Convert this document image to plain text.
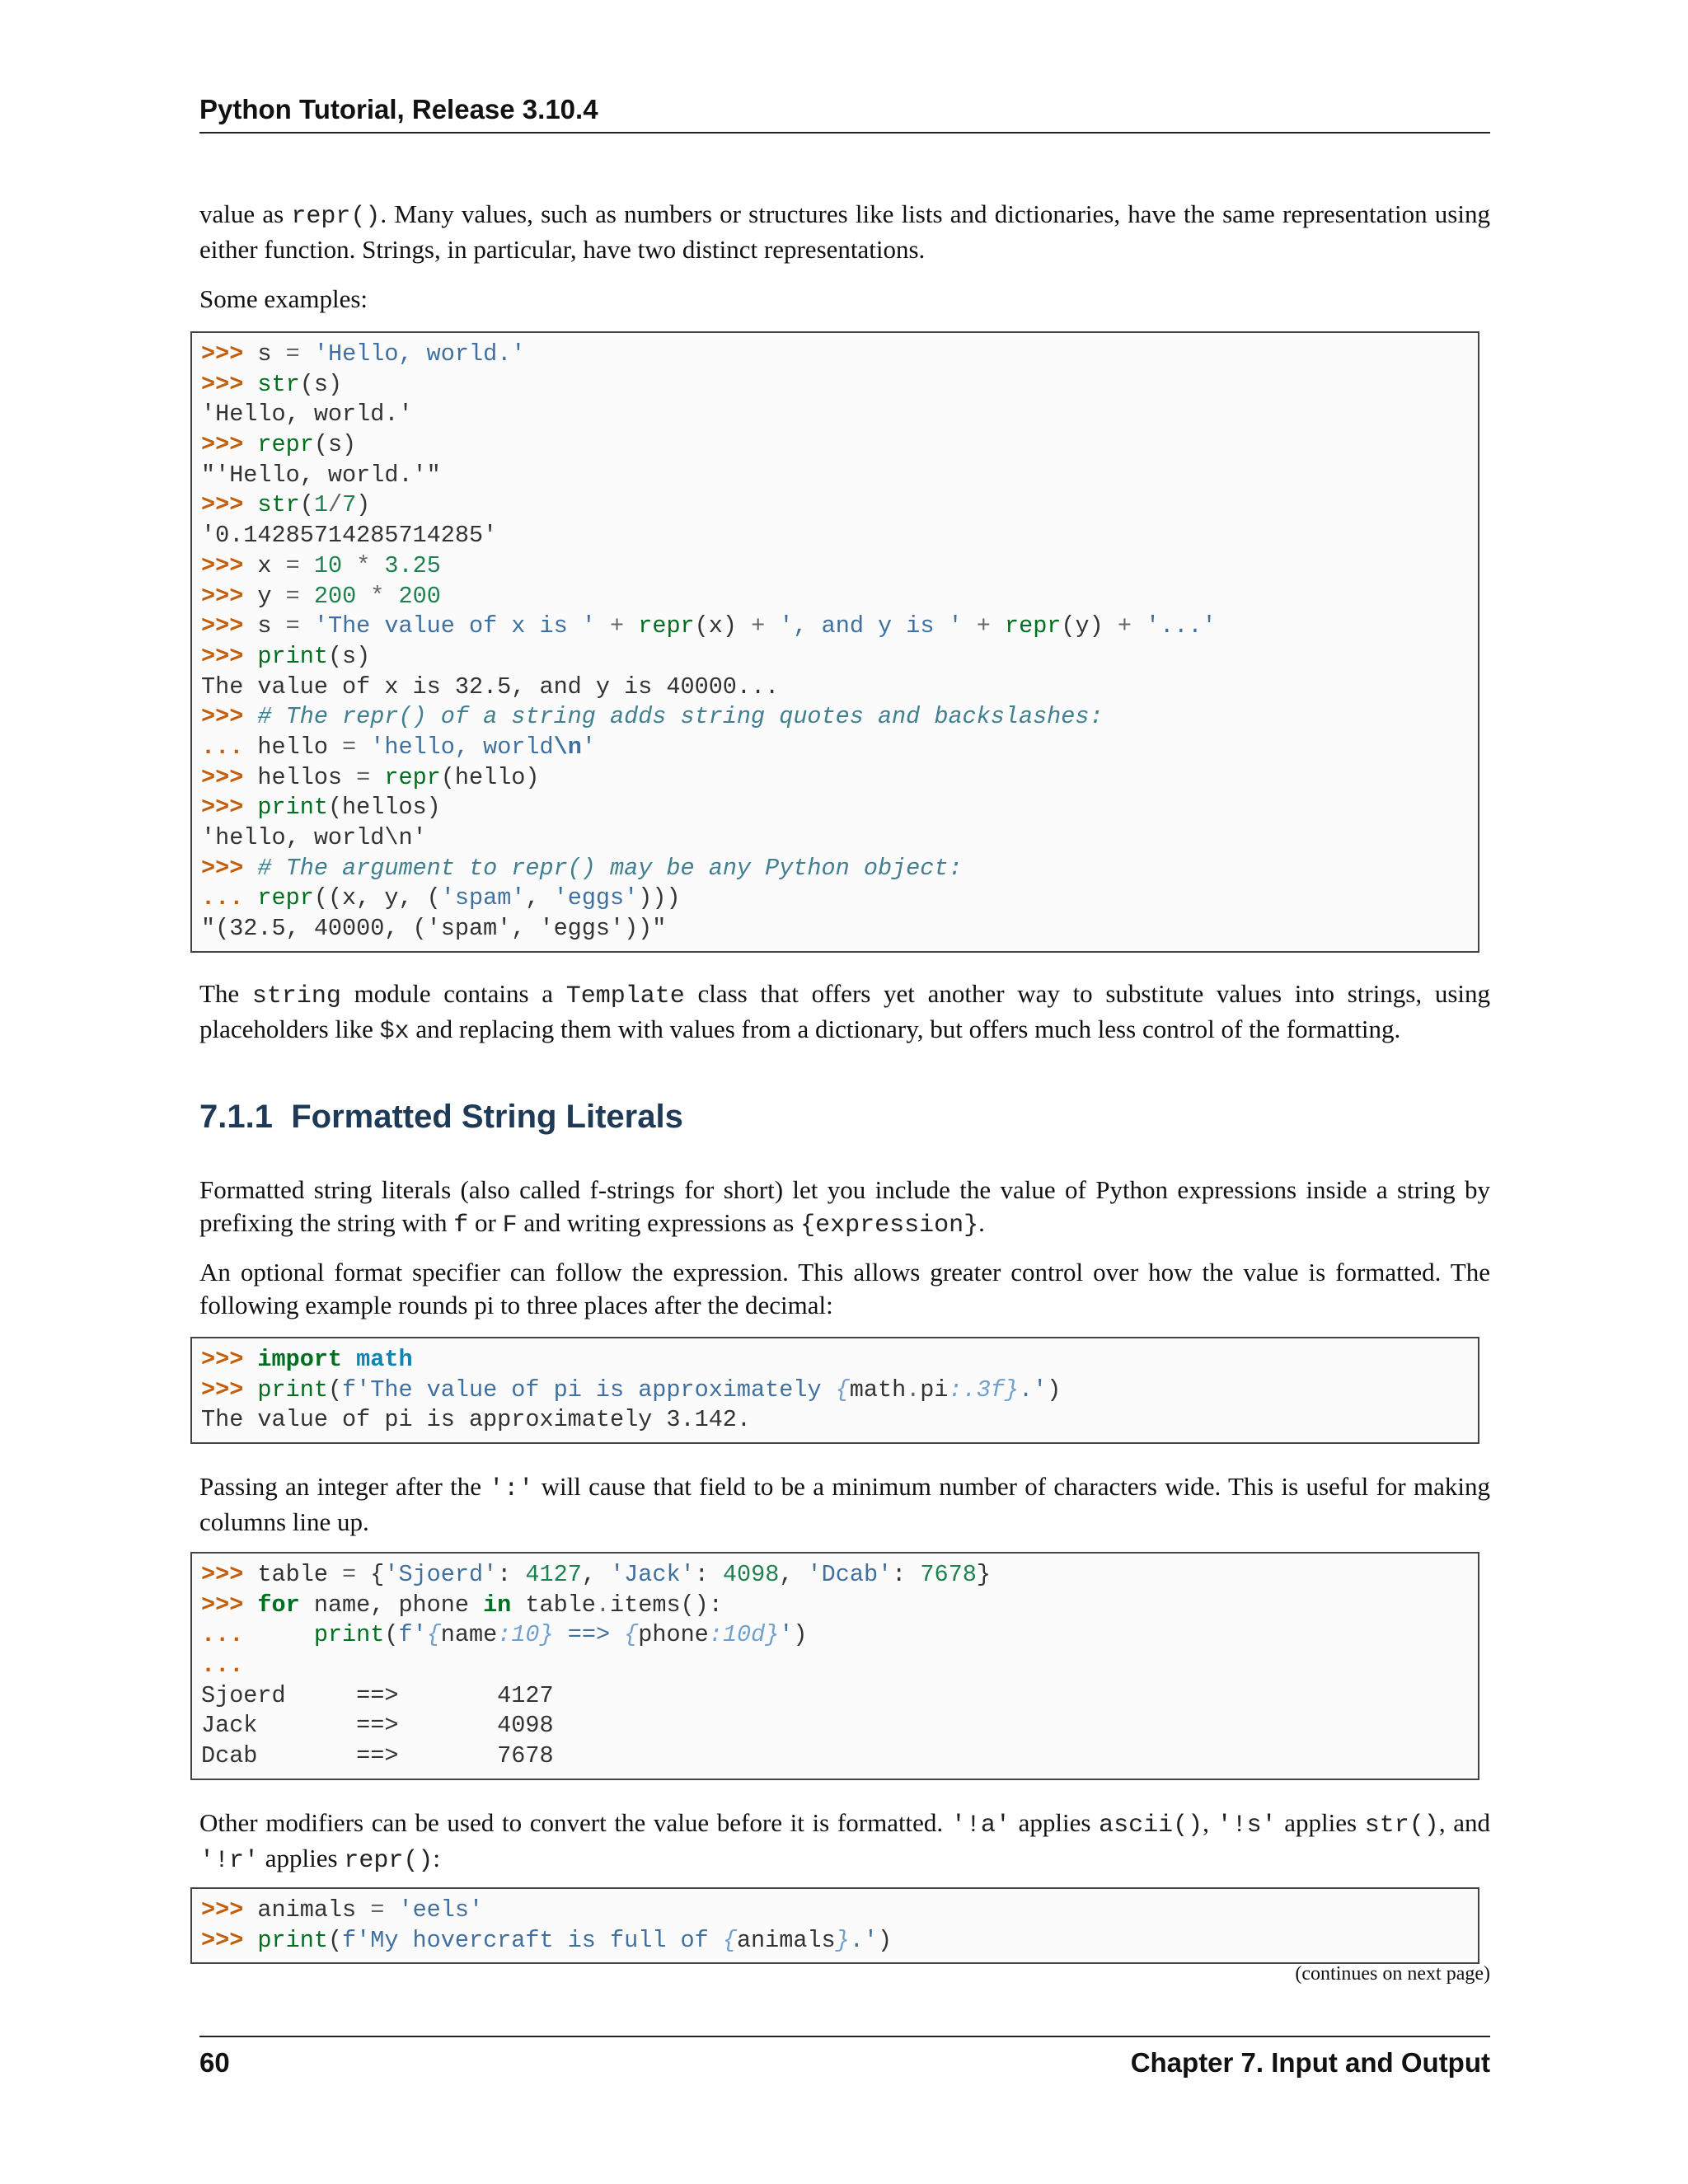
Python Tutorial, Release 3.10.4
value as repr(). Many values, such as numbers or structures like lists and dictionaries, have the same representation using either function. Strings, in particular, have two distinct representations.
Some examples:
>>> s = 'Hello, world.'
>>> str(s)
'Hello, world.'
>>> repr(s)
"'Hello, world.'"
>>> str(1/7)
'0.14285714285714285'
>>> x = 10 * 3.25
>>> y = 200 * 200
>>> s = 'The value of x is ' + repr(x) + ', and y is ' + repr(y) + '...'
>>> print(s)
The value of x is 32.5, and y is 40000...
>>> # The repr() of a string adds string quotes and backslashes:
... hello = 'hello, world\n'
>>> hellos = repr(hello)
>>> print(hellos)
'hello, world\n'
>>> # The argument to repr() may be any Python object:
... repr((x, y, ('spam', 'eggs')))
"(32.5, 40000, ('spam', 'eggs'))"
The string module contains a Template class that offers yet another way to substitute values into strings, using placeholders like $x and replacing them with values from a dictionary, but offers much less control of the formatting.
7.1.1 Formatted String Literals
Formatted string literals (also called f-strings for short) let you include the value of Python expressions inside a string by prefixing the string with f or F and writing expressions as {expression}.
An optional format specifier can follow the expression. This allows greater control over how the value is formatted. The following example rounds pi to three places after the decimal:
>>> import math
>>> print(f'The value of pi is approximately {math.pi:.3f}.')
The value of pi is approximately 3.142.
Passing an integer after the ':' will cause that field to be a minimum number of characters wide. This is useful for making columns line up.
>>> table = {'Sjoerd': 4127, 'Jack': 4098, 'Dcab': 7678}
>>> for name, phone in table.items():
...     print(f'{name:10} ==> {phone:10d}')
...
Sjoerd     ==>       4127
Jack       ==>       4098
Dcab       ==>       7678
Other modifiers can be used to convert the value before it is formatted. '!a' applies ascii(), '!s' applies str(), and '!r' applies repr():
>>> animals = 'eels'
>>> print(f'My hovercraft is full of {animals}.')
(continues on next page)
60	Chapter 7. Input and Output
